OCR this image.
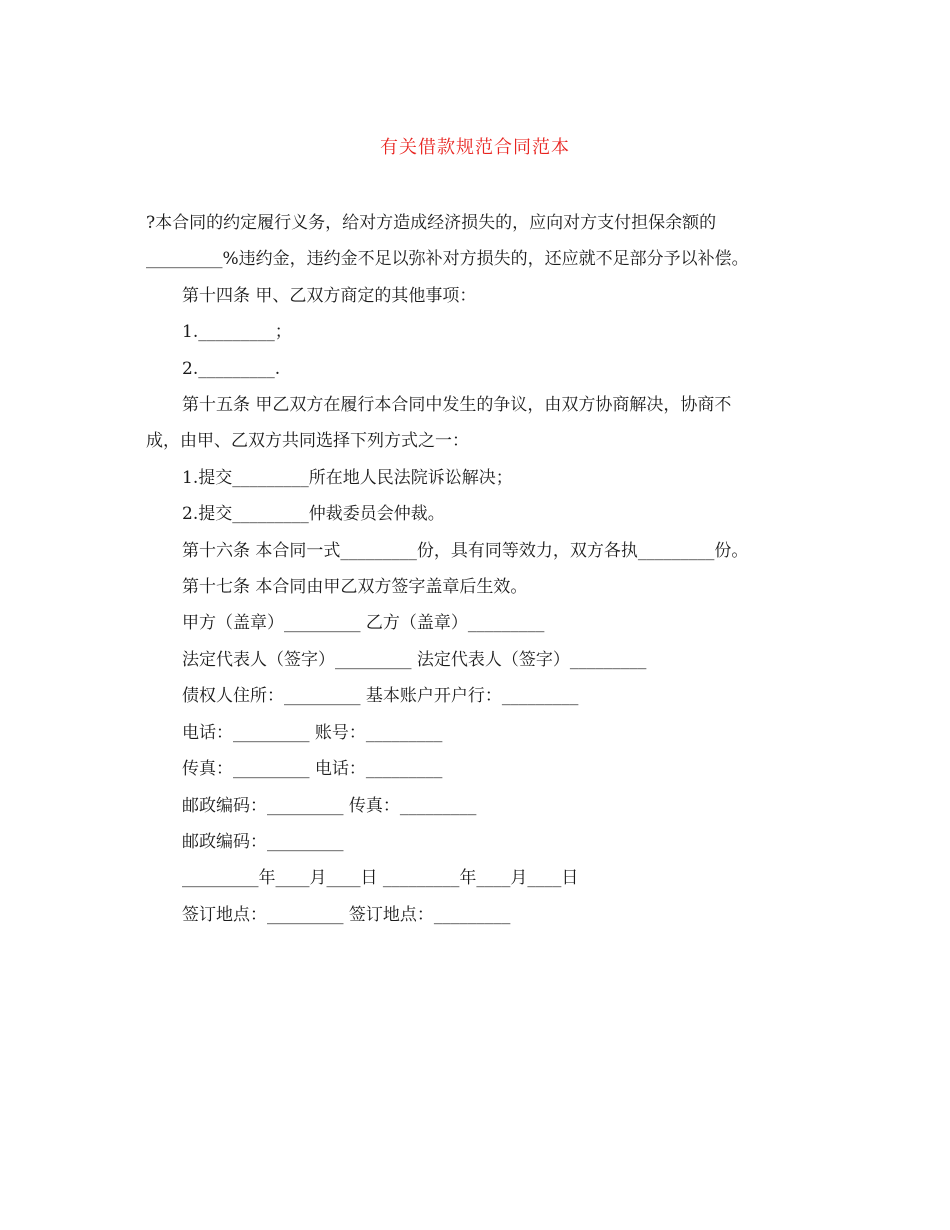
有关借款规范合同范本

?本合同的约定履行义务，给对方造成经济损失的，应向对方支付担保余额的

_________%违约金，违约金不足以弥补对方损失的，还应就不足部分予以补偿。

第十四条 甲、乙双方商定的其他事项：

1._________；

2._________.

第十五条 甲乙双方在履行本合同中发生的争议，由双方协商解决，协商不

成，由甲、乙双方共同选择下列方式之一：

1.提交_________所在地人民法院诉讼解决；

2.提交_________仲裁委员会仲裁。

第十六条 本合同一式_________份，具有同等效力，双方各执_________份。

第十七条 本合同由甲乙双方签字盖章后生效。

甲方（盖章）_________ 乙方（盖章）_________

法定代表人（签字）_________ 法定代表人（签字）_________

债权人住所：_________ 基本账户开户行：_________

电话：_________ 账号：_________

传真：_________ 电话：_________

邮政编码：_________ 传真：_________

邮政编码：_________

_________年____月____日 _________年____月____日

签订地点：_________ 签订地点：_________
